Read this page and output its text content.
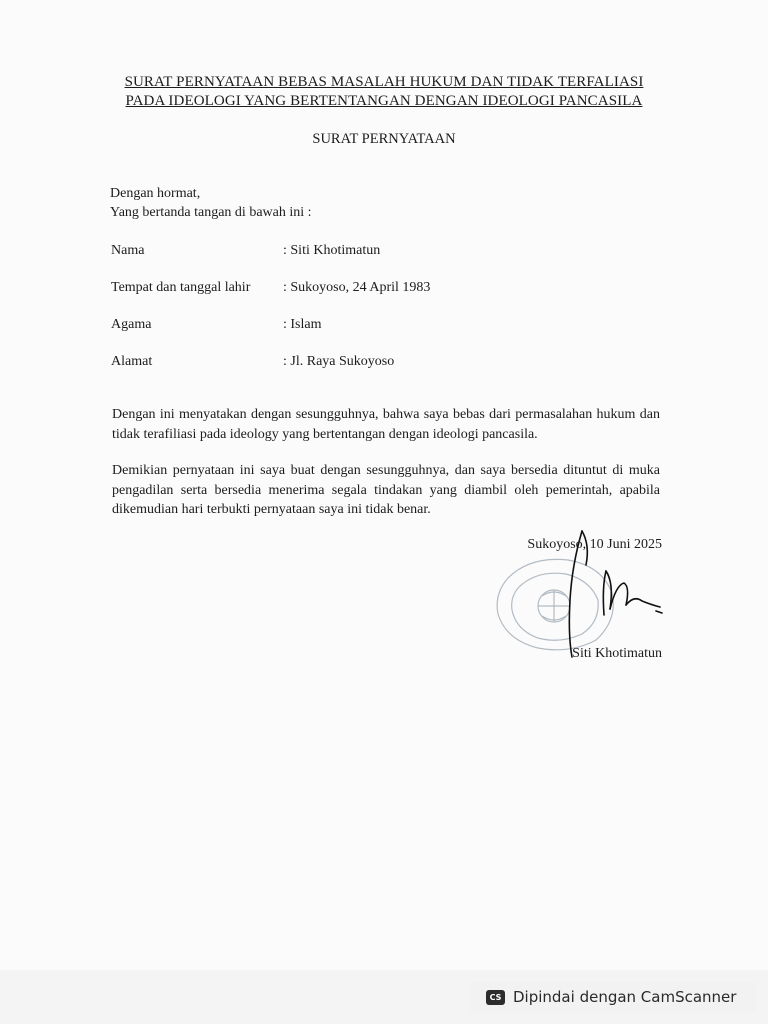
SURAT PERNYATAAN BEBAS MASALAH HUKUM DAN TIDAK TERFALIASI
PADA IDEOLOGI YANG BERTENTANGAN DENGAN IDEOLOGI PANCASILA
SURAT PERNYATAAN
Dengan hormat,
Yang bertanda tangan di bawah ini :
Nama	: Siti Khotimatun
Tempat dan tanggal lahir : Sukoyoso, 24 April 1983
Agama	: Islam
Alamat	: Jl. Raya Sukoyoso
Dengan ini menyatakan dengan sesungguhnya, bahwa saya bebas dari permasalahan hukum dan tidak terafiliasi pada ideology yang bertentangan dengan ideologi pancasila.
Demikian pernyataan ini saya buat dengan sesungguhnya, dan saya bersedia dituntut di muka pengadilan serta bersedia menerima segala tindakan yang diambil oleh pemerintah, apabila dikemudian hari terbukti pernyataan saya ini tidak benar.
Sukoyoso, 10 Juni 2025
Siti Khotimatun
CS Dipindai dengan CamScanner
